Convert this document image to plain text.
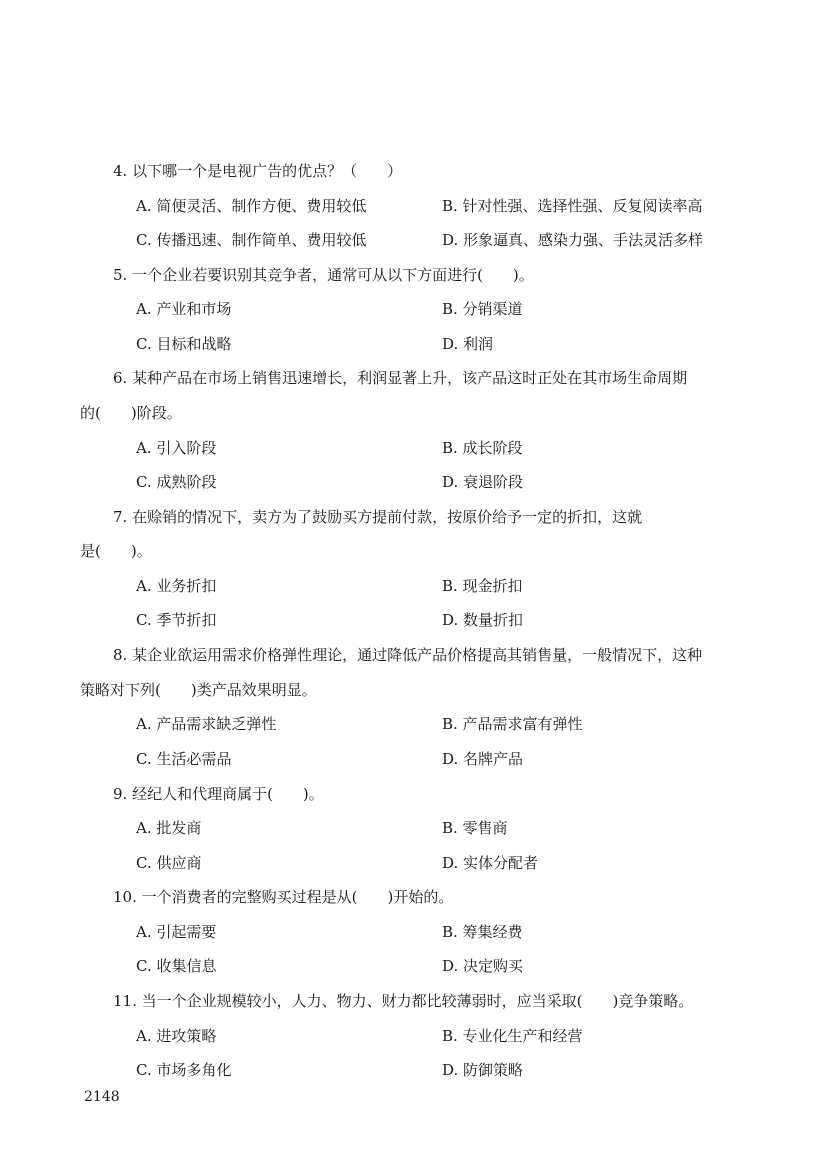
4. 以下哪一个是电视广告的优点？（　　）
A. 简便灵活、制作方便、费用较低	B. 针对性强、选择性强、反复阅读率高
C. 传播迅速、制作简单、费用较低	D. 形象逼真、感染力强、手法灵活多样
5. 一个企业若要识别其竞争者，通常可从以下方面进行(　　)。
A. 产业和市场	B. 分销渠道
C. 目标和战略	D. 利润
6. 某种产品在市场上销售迅速增长，利润显著上升，该产品这时正处在其市场生命周期
的(　　)阶段。
A. 引入阶段	B. 成长阶段
C. 成熟阶段	D. 衰退阶段
7. 在赊销的情况下，卖方为了鼓励买方提前付款，按原价给予一定的折扣，这就
是(　　)。
A. 业务折扣	B. 现金折扣
C. 季节折扣	D. 数量折扣
8. 某企业欲运用需求价格弹性理论，通过降低产品价格提高其销售量，一般情况下，这种
策略对下列(　　)类产品效果明显。
A. 产品需求缺乏弹性	B. 产品需求富有弹性
C. 生活必需品	D. 名牌产品
9. 经纪人和代理商属于(　　)。
A. 批发商	B. 零售商
C. 供应商	D. 实体分配者
10. 一个消费者的完整购买过程是从(　　)开始的。
A. 引起需要	B. 筹集经费
C. 收集信息	D. 决定购买
11. 当一个企业规模较小，人力、物力、财力都比较薄弱时，应当采取(　　)竞争策略。
A. 进攻策略	B. 专业化生产和经营
C. 市场多角化	D. 防御策略
2148
